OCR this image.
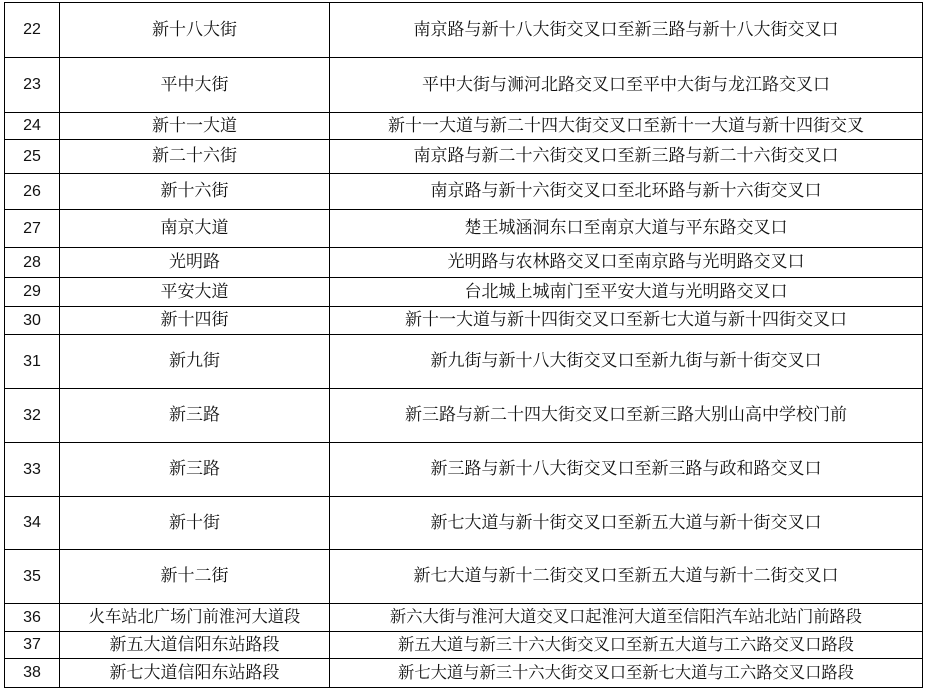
22	新十八大街	南京路与新十八大街交叉口至新三路与新十八大街交叉口
23	平中大街	平中大街与浉河北路交叉口至平中大街与龙江路交叉口
24	新十一大道	新十一大道与新二十四大街交叉口至新十一大道与新十四街交叉
25	新二十六街	南京路与新二十六街交叉口至新三路与新二十六街交叉口
26	新十六街	南京路与新十六街交叉口至北环路与新十六街交叉口
27	南京大道	楚王城涵洞东口至南京大道与平东路交叉口
28	光明路	光明路与农林路交叉口至南京路与光明路交叉口
29	平安大道	台北城上城南门至平安大道与光明路交叉口
30	新十四街	新十一大道与新十四街交叉口至新七大道与新十四街交叉口
31	新九街	新九街与新十八大街交叉口至新九街与新十街交叉口
32	新三路	新三路与新二十四大街交叉口至新三路大别山高中学校门前
33	新三路	新三路与新十八大街交叉口至新三路与政和路交叉口
34	新十街	新七大道与新十街交叉口至新五大道与新十街交叉口
35	新十二街	新七大道与新十二街交叉口至新五大道与新十二街交叉口
36	火车站北广场门前淮河大道段	新六大街与淮河大道交叉口起淮河大道至信阳汽车站北站门前路段
37	新五大道信阳东站路段	新五大道与新三十六大街交叉口至新五大道与工六路交叉口路段
38	新七大道信阳东站路段	新七大道与新三十六大街交叉口至新七大道与工六路交叉口路段
